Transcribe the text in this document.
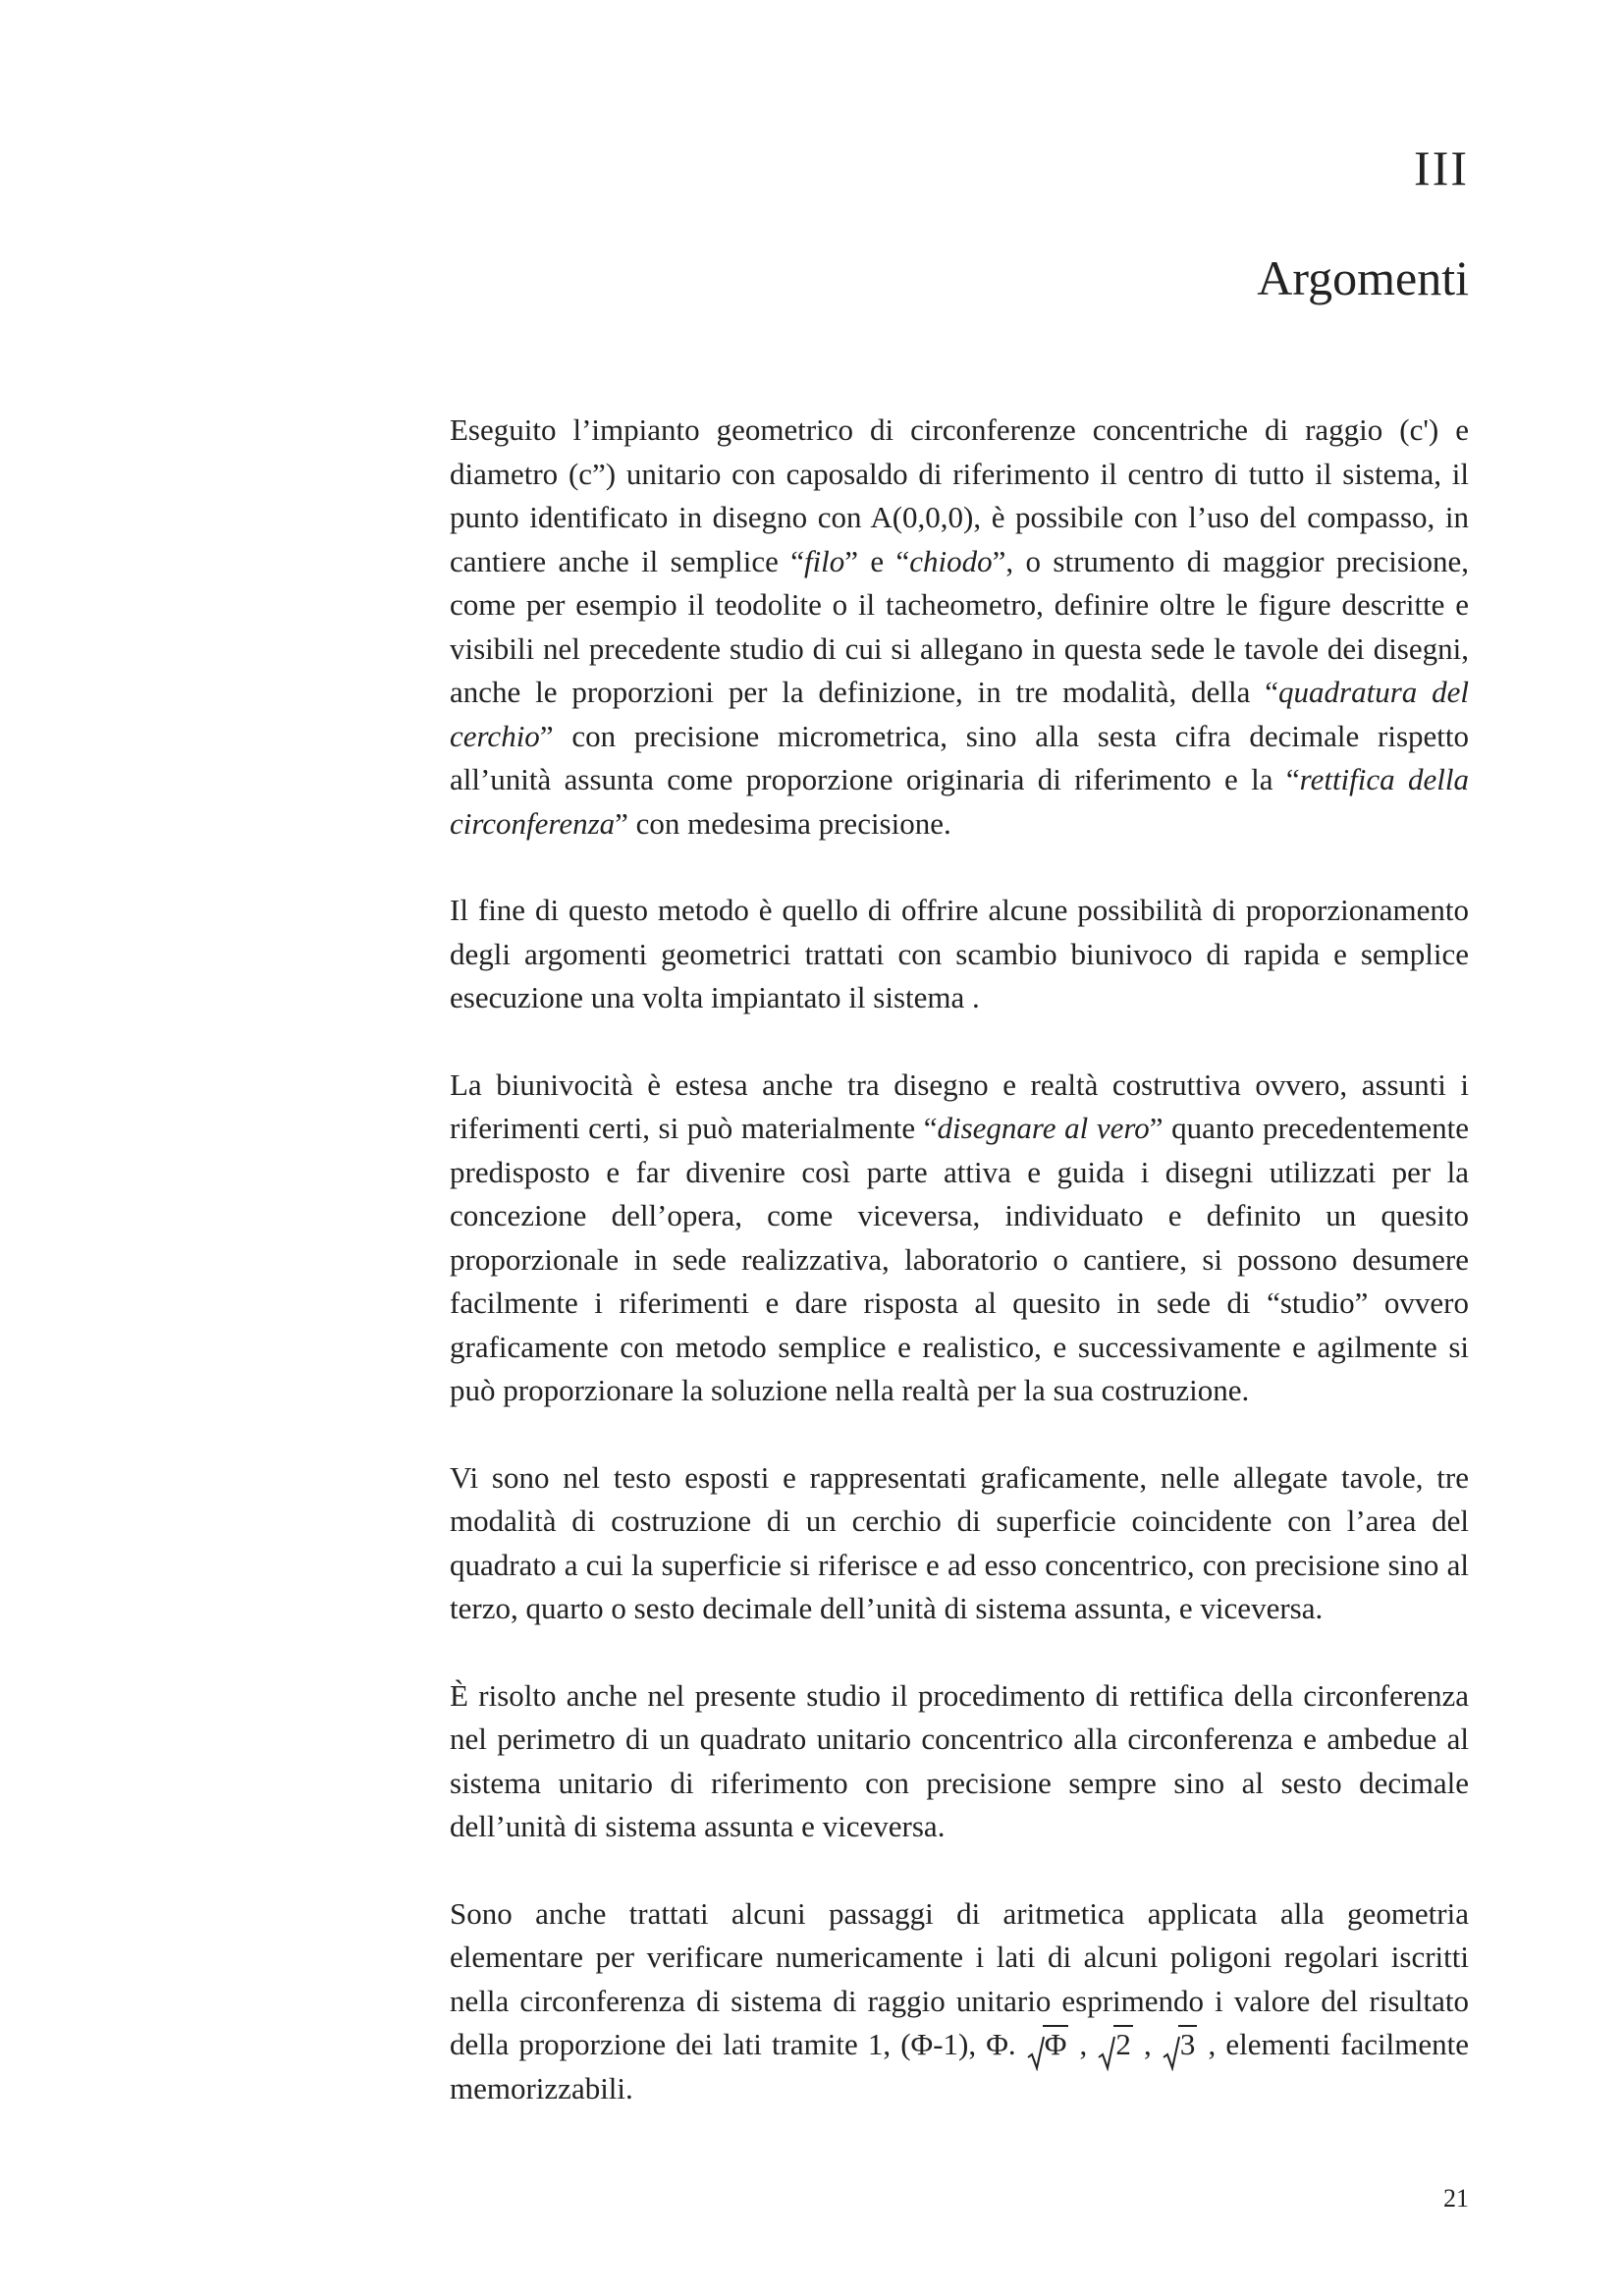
III
Argomenti

Eseguito l’impianto geometrico di circonferenze concentriche di raggio (c') e diametro (c”) unitario con caposaldo di riferimento il centro di tutto il sistema, il punto identificato in disegno con A(0,0,0), è possibile con l’uso del compasso, in cantiere anche il semplice “filo” e “chiodo”, o strumento di maggior precisione, come per esempio il teodolite o il tacheometro, definire oltre le figure descritte e visibili nel precedente studio di cui si allegano in questa sede le tavole dei disegni, anche le proporzioni per la definizione, in tre modalità, della “quadratura del cerchio” con precisione micrometrica, sino alla sesta cifra decimale rispetto all’unità assunta come proporzione originaria di riferimento e la “rettifica della circonferenza” con medesima precisione.

Il fine di questo metodo è quello di offrire alcune possibilità di proporzionamento degli argomenti geometrici trattati con scambio biunivoco di rapida e semplice esecuzione una volta impiantato il sistema .

La biunivocità è estesa anche tra disegno e realtà costruttiva ovvero, assunti i riferimenti certi, si può materialmente “disegnare al vero” quanto precedentemente predisposto e far divenire così parte attiva e guida i disegni utilizzati per la concezione dell’opera, come viceversa, individuato e definito un quesito proporzionale in sede realizzativa, laboratorio o cantiere, si possono desumere facilmente i riferimenti e dare risposta al quesito in sede di “studio” ovvero graficamente con metodo semplice e realistico, e successivamente e agilmente si può proporzionare la soluzione nella realtà per la sua costruzione.

Vi sono nel testo esposti e rappresentati graficamente, nelle allegate tavole, tre modalità di costruzione di un cerchio di superficie coincidente con l’area del quadrato a cui la superficie si riferisce e ad esso concentrico, con precisione sino al terzo, quarto o sesto decimale dell’unità di sistema assunta, e viceversa.

È risolto anche nel presente studio il procedimento di rettifica della circonferenza nel perimetro di un quadrato unitario concentrico alla circonferenza e ambedue al sistema unitario di riferimento con precisione sempre sino al sesto decimale dell’unità di sistema assunta e viceversa.

Sono anche trattati alcuni passaggi di aritmetica applicata alla geometria elementare per verificare numericamente i lati di alcuni poligoni regolari iscritti nella circonferenza di sistema di raggio unitario esprimendo i valore del risultato della proporzione dei lati tramite 1, (Φ-1), Φ.
Φ ,
2 ,
3 , elementi facilmente memorizzabili.

21
